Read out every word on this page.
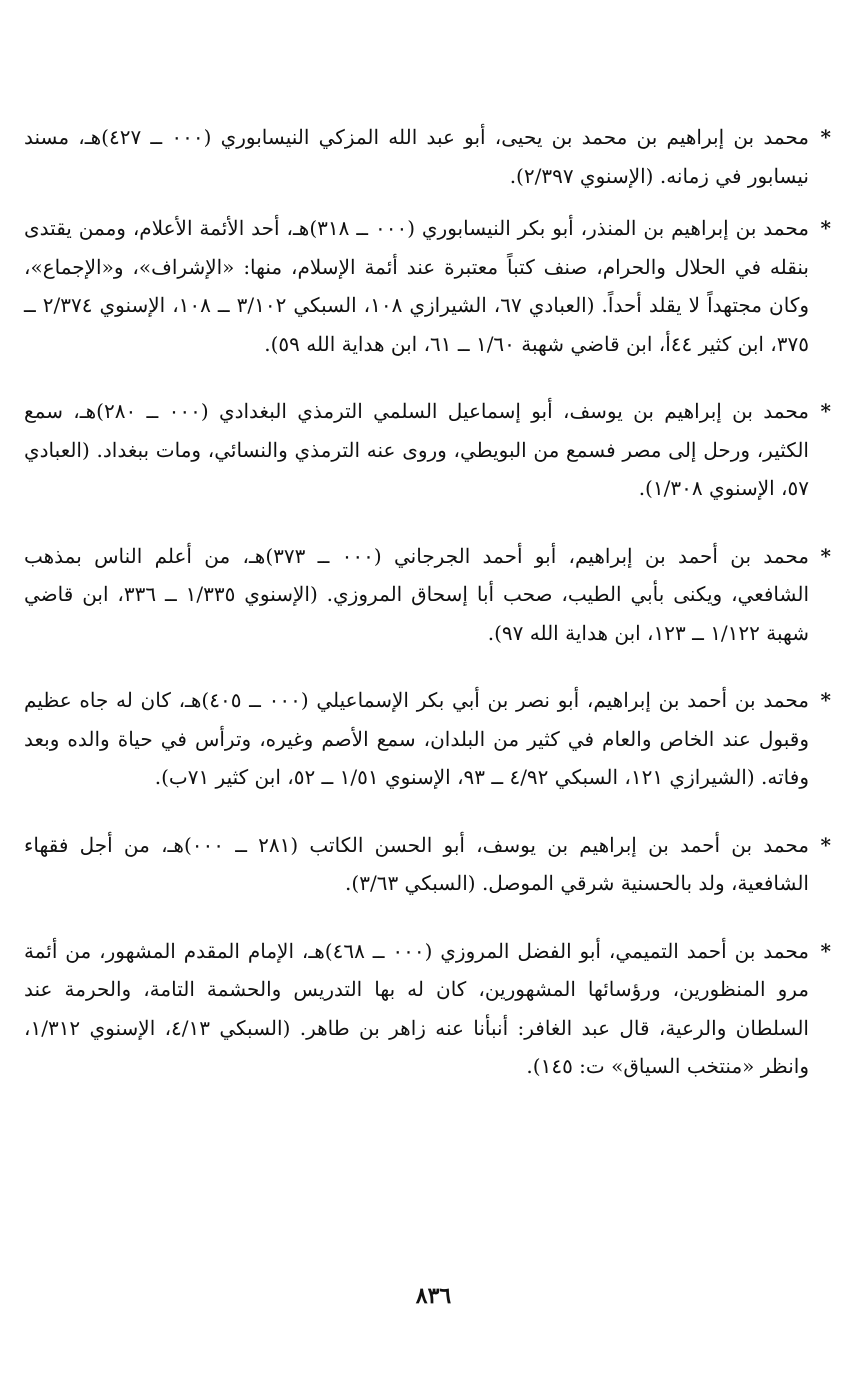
*
محمد بن إبراهيم بن محمد بن يحيى، أبو عبد الله المزكي النيسابوري (٠٠٠ ــ ٤٢٧)هـ، مسند نيسابور في زمانه. (الإسنوي ٢/٣٩٧).

*
محمد بن إبراهيم بن المنذر، أبو بكر النيسابوري (٠٠٠ ــ ٣١٨)هـ، أحد الأئمة الأعلام، وممن يقتدى بنقله في الحلال والحرام، صنف كتباً معتبرة عند أئمة الإسلام، منها: «الإشراف»، و«الإجماع»، وكان مجتهداً لا يقلد أحداً. (العبادي ٦٧، الشيرازي ١٠٨، السبكي ٣/١٠٢ ــ ١٠٨، الإسنوي ٢/٣٧٤ ــ ٣٧٥، ابن كثير ٤٤أ، ابن قاضي شهبة ١/٦٠ ــ ٦١، ابن هداية الله ٥٩).

*
محمد بن إبراهيم بن يوسف، أبو إسماعيل السلمي الترمذي البغدادي (٠٠٠ ــ ٢٨٠)هـ، سمع الكثير، ورحل إلى مصر فسمع من البويطي، وروى عنه الترمذي والنسائي، ومات ببغداد. (العبادي ٥٧، الإسنوي ١/٣٠٨).

*
محمد بن أحمد بن إبراهيم، أبو أحمد الجرجاني (٠٠٠ ــ ٣٧٣)هـ، من أعلم الناس بمذهب الشافعي، ويكنى بأبي الطيب، صحب أبا إسحاق المروزي. (الإسنوي ١/٣٣٥ ــ ٣٣٦، ابن قاضي شهبة ١/١٢٢ ــ ١٢٣، ابن هداية الله ٩٧).

*
محمد بن أحمد بن إبراهيم، أبو نصر بن أبي بكر الإسماعيلي (٠٠٠ ــ ٤٠٥)هـ، كان له جاه عظيم وقبول عند الخاص والعام في كثير من البلدان، سمع الأصم وغيره، وترأس في حياة والده وبعد وفاته. (الشيرازي ١٢١، السبكي ٤/٩٢ ــ ٩٣، الإسنوي ١/٥١ ــ ٥٢، ابن كثير ٧١ب).

*
محمد بن أحمد بن إبراهيم بن يوسف، أبو الحسن الكاتب (٢٨١ ــ ٠٠٠)هـ، من أجل فقهاء الشافعية، ولد بالحسنية شرقي الموصل. (السبكي ٣/٦٣).

*
محمد بن أحمد التميمي، أبو الفضل المروزي (٠٠٠ ــ ٤٦٨)هـ، الإمام المقدم المشهور، من أئمة مرو المنظورين، ورؤسائها المشهورين، كان له بها التدريس والحشمة التامة، والحرمة عند السلطان والرعية، قال عبد الغافر: أنبأنا عنه زاهر بن طاهر. (السبكي ٤/١٣، الإسنوي ١/٣١٢، وانظر «منتخب السياق» ت: ١٤٥).

٨٣٦
